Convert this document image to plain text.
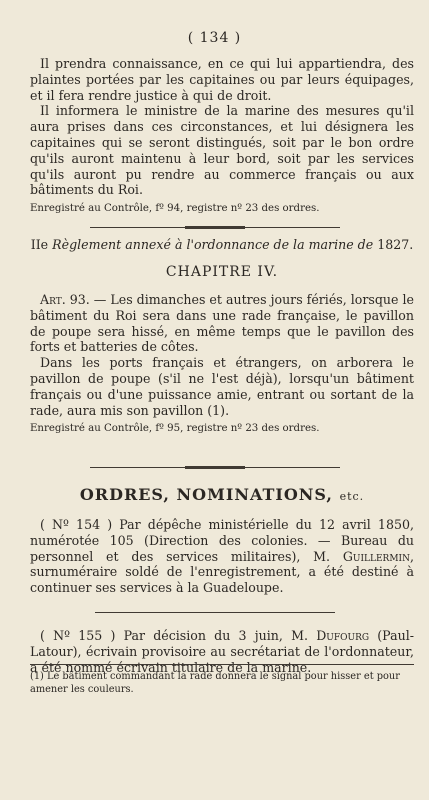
( 134 )

Il prendra connaissance, en ce qui lui appartiendra, des plaintes portées par les capitaines ou par leurs équipages, et il fera rendre justice à qui de droit.

Il informera le ministre de la marine des mesures qu'il aura prises dans ces circonstances, et lui désignera les capitaines qui se seront distingués, soit par le bon ordre qu'ils auront maintenu à leur bord, soit par les services qu'ils auront pu rendre au commerce français ou aux bâtiments du Roi.

Enregistré au Contrôle, fº 94, registre nº 23 des ordres.

IIe Règlement annexé à l'ordonnance de la marine de 1827.
CHAPITRE IV.

Art. 93. — Les dimanches et autres jours fériés, lorsque le bâtiment du Roi sera dans une rade française, le pavillon de poupe sera hissé, en même temps que le pavillon des forts et batteries de côtes.

Dans les ports français et étrangers, on arborera le pavillon de poupe (s'il ne l'est déjà), lorsqu'un bâtiment français ou d'une puissance amie, entrant ou sortant de la rade, aura mis son pavillon (1).

Enregistré au Contrôle, fº 95, registre nº 23 des ordres.

ORDRES, NOMINATIONS, etc.

( Nº 154 ) Par dépêche ministérielle du 12 avril 1850, numérotée 105 (Direction des colonies. — Bureau du personnel et des services militaires), M. Guillermin, surnuméraire soldé de l'enregistrement, a été destiné à continuer ses services à la Guadeloupe.

( Nº 155 ) Par décision du 3 juin, M. Dufourg (Paul-Latour), écrivain provisoire au secrétariat de l'ordonnateur, a été nommé écrivain titulaire de la marine.

(1) Le bâtiment commandant la rade donnera le signal pour hisser et pour amener les couleurs.
